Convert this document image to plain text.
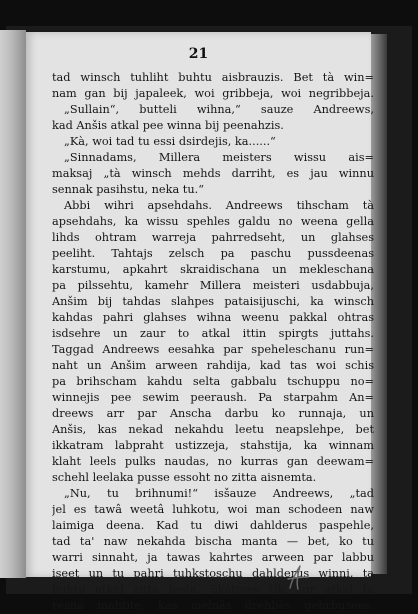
21
tad winsch tuhliht buhtu aisbrauzis. Bet tà win=
nam gan bij japaleek, woi gribbeja, woi negribbeja.
„Sullain“, butteli wihna,“ sauze Andreews,
kad Anšis atkal pee winna bij peenahzis.
„Kà, woi tad tu essi dsirdejis, ka......“
„Sinnadams, Millera meisters wissu ais=
maksaj „tà winsch mehds darriht, es jau winnu
sennak pasihstu, neka tu.“
Abbi wihri apsehdahs. Andreews tihscham tà
apsehdahs, ka wissu spehles galdu no weena gella
lihds ohtram warreja pahrredseht, un glahses
peeliht. Tahtajs zelsch pa paschu pussdeenas
karstumu, apkahrt skraidischana un mekleschana
pa pilssehtu, kamehr Millera meisteri usdabbuja,
Anšim bij tahdas slahpes pataisijuschi, ka winsch
kahdas pahri glahses wihna weenu pakkal ohtras
isdsehre un zaur to atkal ittin spirgts juttahs.
Taggad Andreews eesahka par speheleschanu run=
naht un Anšim arween rahdija, kad tas woi schis
pa brihscham kahdu selta gabbalu tschuppu no=
winnejis pee sewim peeraush. Pa starpahm An=
dreews arr par Anscha darbu ko runnaja, un
Anšis, kas nekad nekahdu leetu neapslehpe, bet
ikkatram labpraht ustizzeja, stahstija, ka winnam
klaht leels pulks naudas, no kurras gan deewam=
schehl leelaka pusse essoht no zitta aisnemta.
„Nu, tu brihnumi!“ isšauze Andreews, „tad
jel es tawâ weetâ luhkotu, woi man schodeen naw
laimiga deena. Kad tu diwi dahlderus paspehle,
tad ta' naw nekahda bischa manta — bet, ko tu
warri sinnaht, ja tawas kahrtes arween par labbu
iseet un tu pahri tuhkstoschu dahlderus winni, ta
buhtu atkal zitta leeta. Skattees tik, tur atkal ta
resna mahtite, kas melnâs drehbês gehrbusees,
